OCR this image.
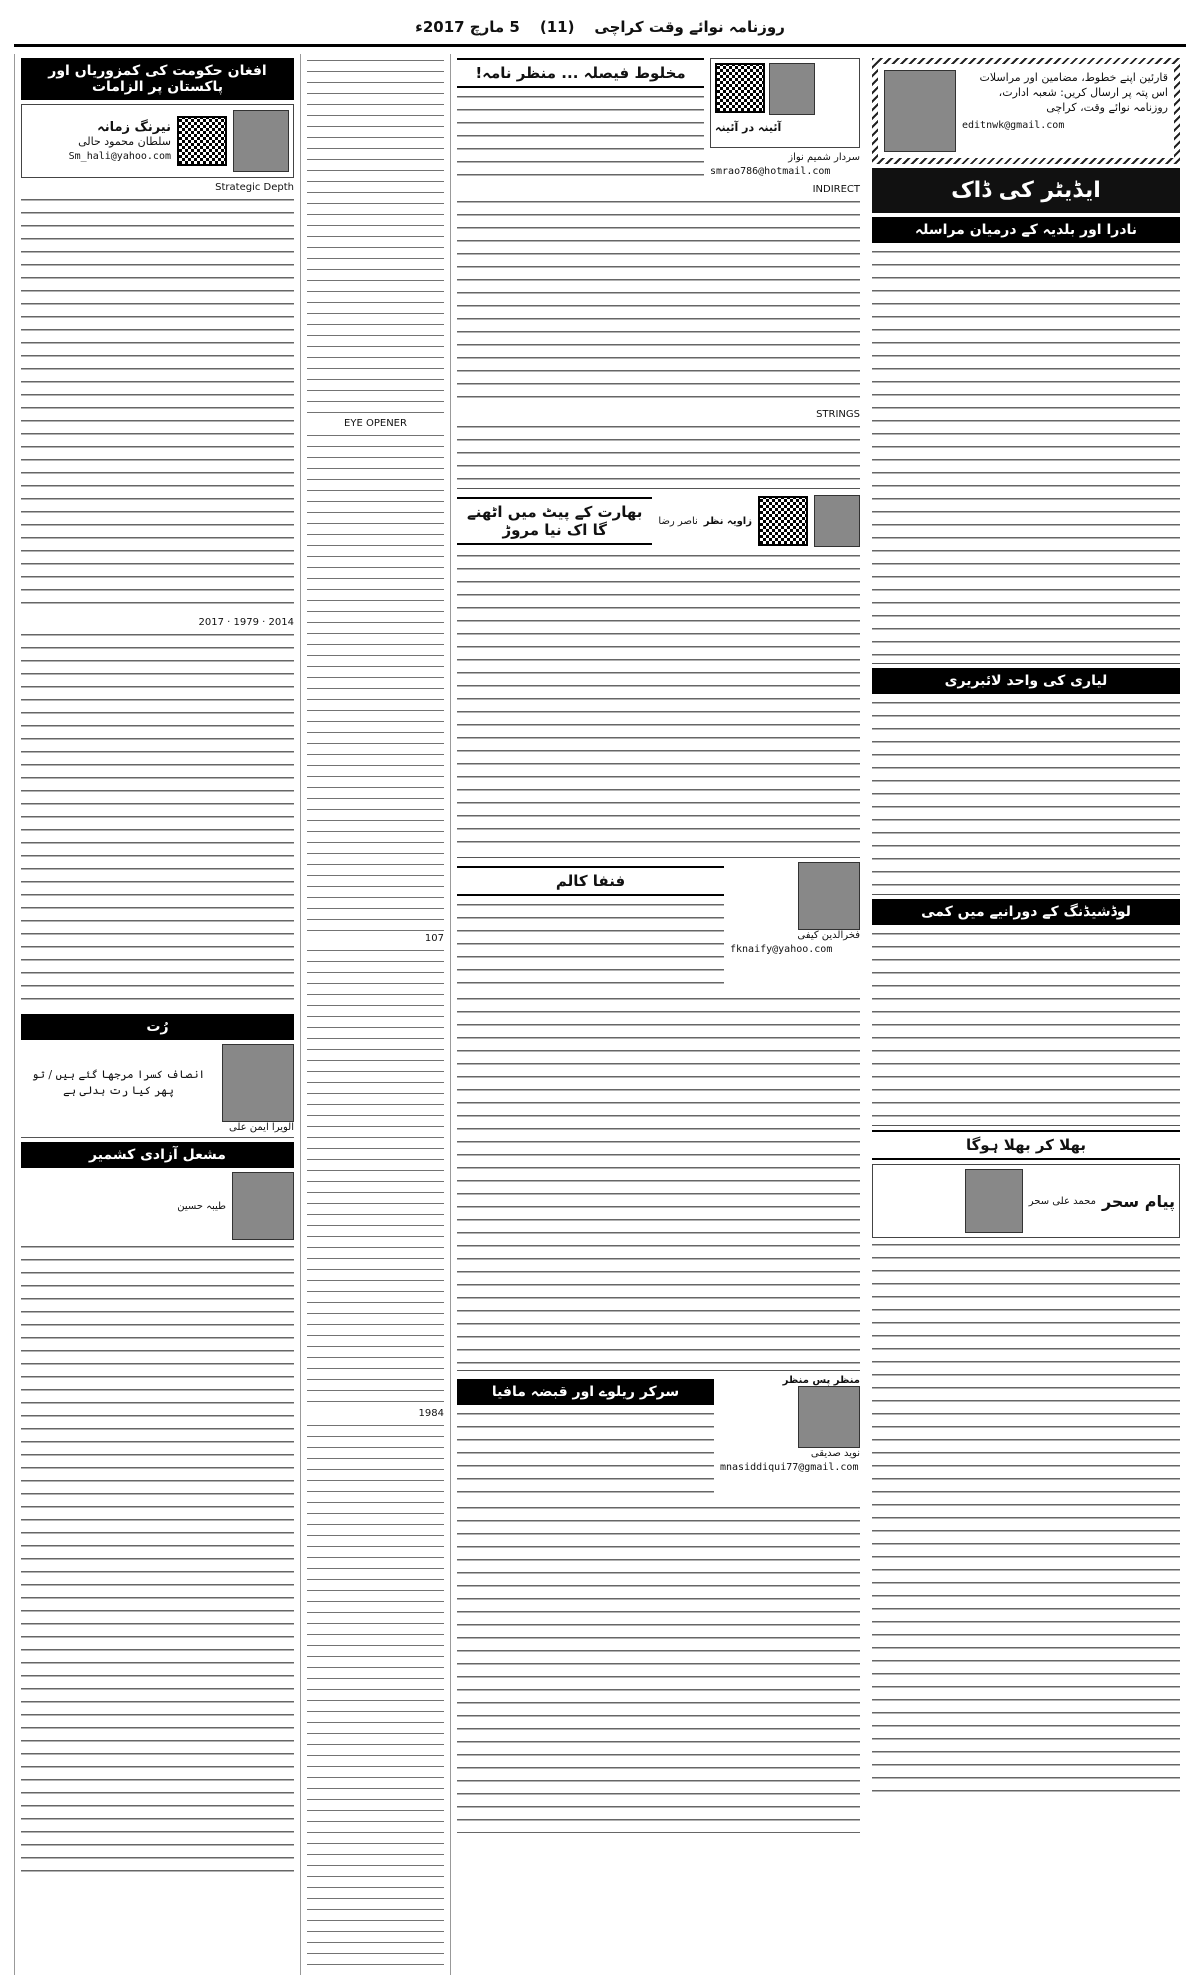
روزنامہ نوائے وقت کراچی
(11)
5 مارچ 2017ء
افغان حکومت کی کمزوریاں اور پاکستان پر الزامات
نیرنگ زمانہ
سلطان محمود حالی
Sm_hali@yahoo.com
Strategic Depth
2014 · 1979 · 2017
رُت
انصاف کسرا مرجھا گئے ہیں / تو پھر کیا رت بدلی ہے
الویرا ایمن علی
مشعل آزادی کشمیر
طیبہ حسین
EYE OPENER
107
1984
آئینہ در آئینہ
سردار شمیم نواز
smrao786@hotmail.com
مخلوط فیصلہ ... منظر نامہ!
INDIRECT
STRINGS
زاویہ نظر
ناصر رضا
بھارت کے پیٹ میں اٹھنے گا اک نیا مروڑ
فخرالدین کیفی
fknaify@yahoo.com
فنفا کالم
منظر پس منظر
نوید صدیقی
mnasiddiqui77@gmail.com
سرکر ریلوے اور قبضہ مافیا
قارئین اپنے خطوط، مضامین اور مراسلات اس پتہ پر ارسال کریں: شعبہ ادارت، روزنامہ نوائے وقت، کراچی
editnwk@gmail.com
ایڈیٹر کی ڈاک
نادرا اور بلدیہ کے درمیان مراسلہ
لیاری کی واحد لائبریری
لوڈشیڈنگ کے دورانیے میں کمی
بھلا کر بھلا ہوگا
پیام سحر
محمد علی سحر
